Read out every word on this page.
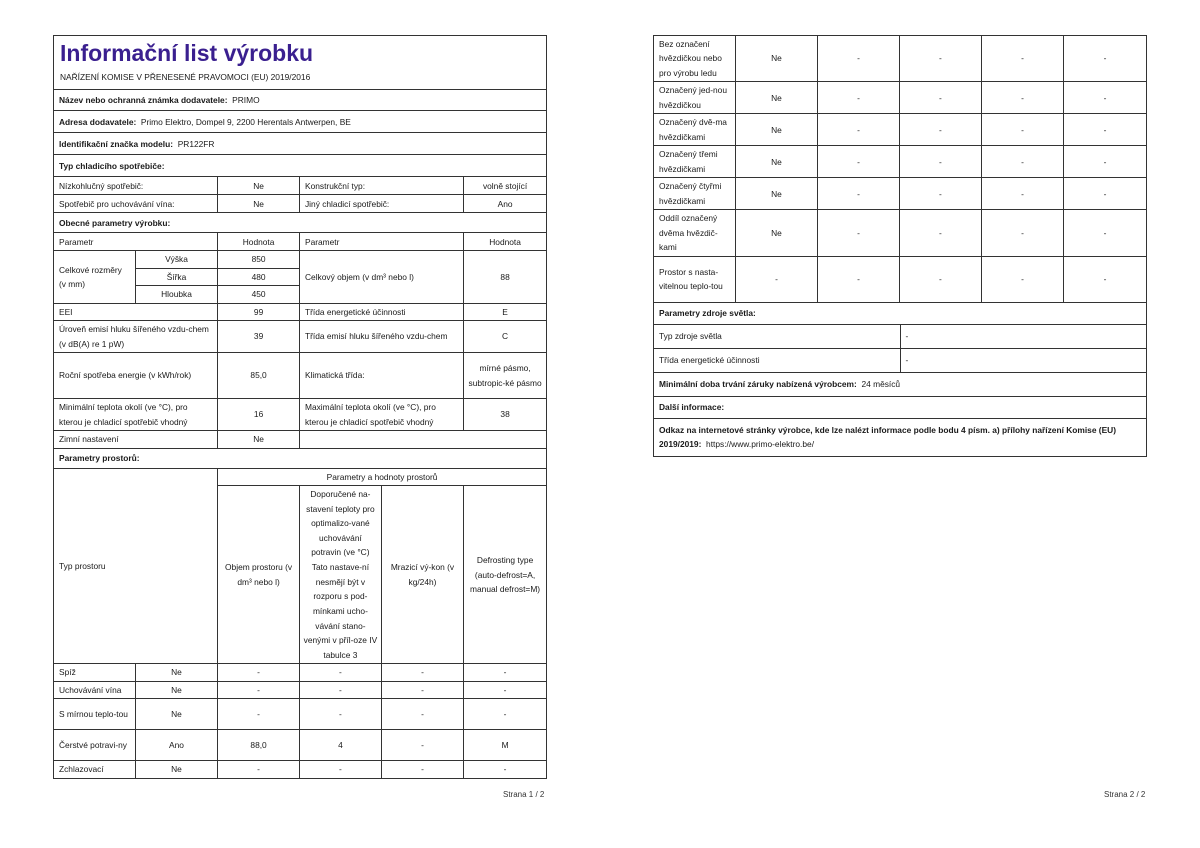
Informační list výrobku
NAŘÍZENÍ KOMISE V PŘENESENÉ PRAVOMOCI (EU) 2019/2016			

Název nebo ochranná známka dodavatele: PRIMO			
Adresa dodavatele: Primo Elektro, Dompel 9, 2200 Herentals Antwerpen, BE			
Identifikační značka modelu: PR122FR			
Typ chladicího spotřebiče:			
Nízkohlučný spotřebič:	Ne	Konstrukční typ:	volně stojící
Spotřebič pro uchovávání vína:	Ne	Jiný chladicí spotřebič:	Ano
Obecné parametry výrobku:			
Parametr		Hodnota	Parametr	Hodnota
Celkové rozměry (v mm)	Výška	850	Celkový objem (v dm³ nebo l)	88
	Šířka	480		
	Hloubka	450		
EEI		99	Třída energetické účinnosti	E
Úroveň emisí hluku šířeného vzdu-chem (v dB(A) re 1 pW)		39	Třída emisí hluku šířeného vzdu-chem	C
Roční spotřeba energie (v kWh/rok)		85,0	Klimatická třída:	mírné pásmo, subtropic-ké pásmo
Minimální teplota okolí (ve °C), pro kterou je chladicí spotřebič vhodný		16	Maximální teplota okolí (ve °C), pro kterou je chladicí spotřebič vhodný	38
Zimní nastavení		Ne		
Parametry prostorů:				
Typ prostoru		Parametry a hodnoty prostorů			
		Objem prostoru (v dm³ nebo l)	Doporučené na-stavení teploty pro optimalizo-vané uchovávání potravin (ve °C) Tato nastave-ní nesmějí být v rozporu s pod-mínkami ucho-vávání stano-venými v příl-oze IV tabulce 3	Mrazicí vý-kon (v kg/24h)	Defrosting type (auto-defrost=A, manual defrost=M)
Spíž	Ne	-	-	-	-
Uchovávání vína	Ne	-	-	-	-
S mírnou teplo-tou	Ne	-	-	-	-
Čerstvé potravi-ny	Ano	88,0	4	-	M
Zchlazovací	Ne	-	-	-	-
Strana 1 / 2
Bez označení hvězdičkou nebo pro výrobu ledu	Ne	-	-	-	-
Označený jed-nou hvězdičkou	Ne	-	-	-	-
Označený dvě-ma hvězdičkami	Ne	-	-	-	-
Označený třemi hvězdičkami	Ne	-	-	-	-
Označený čtyřmi hvězdičkami	Ne	-	-	-	-
Oddíl označený dvěma hvězdič-kami	Ne	-	-	-	-
Prostor s nasta-vitelnou teplo-tou	-	-	-	-	-
Parametry zdroje světla:	
Typ zdroje světla	-
Třída energetické účinnosti	-
Minimální doba trvání záruky nabízená výrobcem: 24 měsíců	
Další informace:	
Odkaz na internetové stránky výrobce, kde lze nalézt informace podle bodu 4 písm. a) přílohy nařízení Komise (EU) 2019/2019: https://www.primo-elektro.be/	
Strana 2 / 2
